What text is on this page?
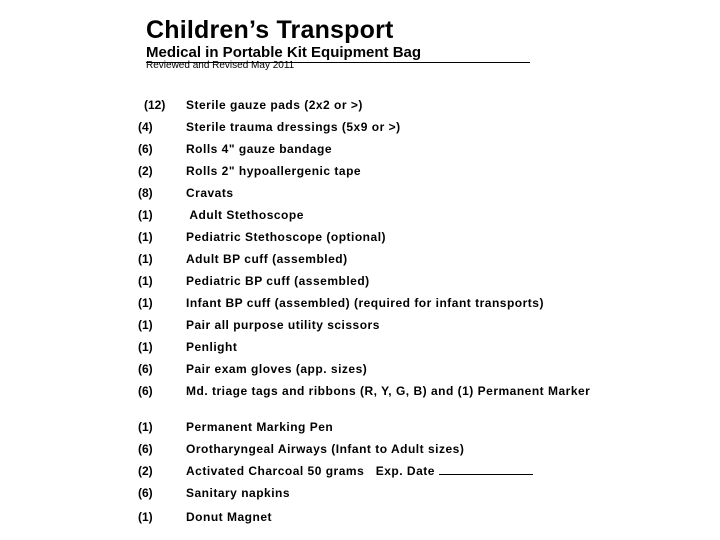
Children’s Transport
Medical in Portable Kit Equipment Bag
Reviewed and Revised May 2011
(12) Sterile gauze pads (2x2 or >)
(4)	Sterile trauma dressings (5x9 or >)
(6)	Rolls 4" gauze bandage
(2)	Rolls 2" hypoallergenic tape
(8)	Cravats
(1)	Adult Stethoscope
(1)	Pediatric Stethoscope (optional)
(1)	Adult BP cuff (assembled)
(1)	Pediatric BP cuff (assembled)
(1)	Infant BP cuff (assembled) (required for infant transports)
(1)	Pair all purpose utility scissors
(1)	Penlight
(6)	Pair exam gloves (app. sizes)
(6)	Md. triage tags and ribbons (R, Y, G, B) and (1) Permanent Marker
(1)	Permanent Marking Pen
(6)	Orotharyngeal Airways (Infant to Adult sizes)
(2)	Activated Charcoal 50 grams   Exp. Date
(6)	Sanitary napkins
(1)	Donut Magnet
